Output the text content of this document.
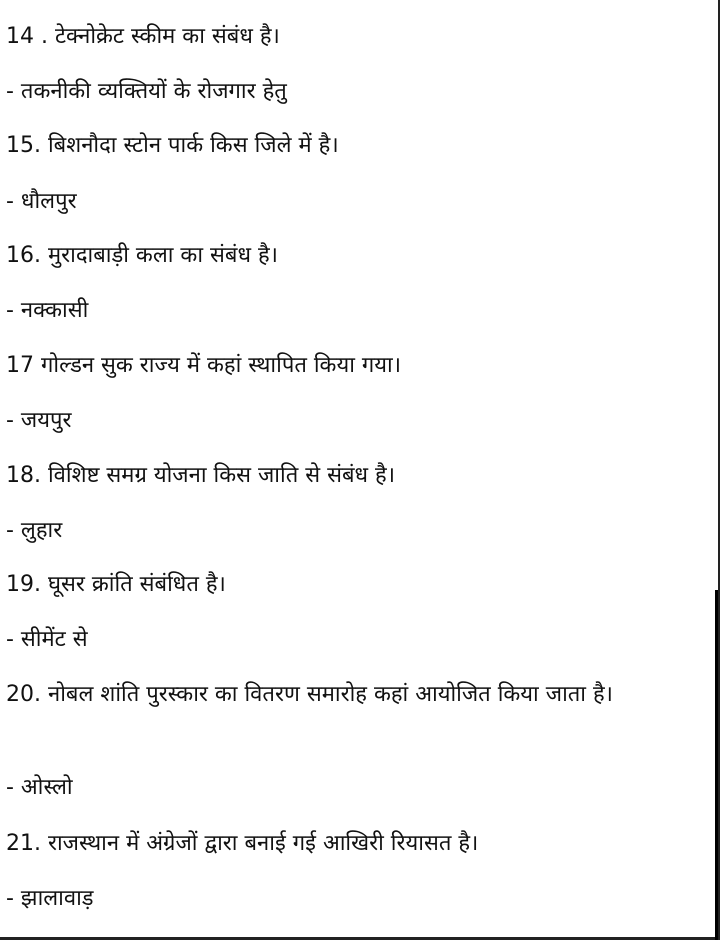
14 . टेक्नोक्रेट स्कीम का संबंध है।
- तकनीकी व्यक्तियों के रोजगार हेतु
15. बिशनौदा स्टोन पार्क किस जिले में है।
- धौलपुर
16. मुरादाबाड़ी कला का संबंध है।
- नक्कासी
17 गोल्डन सुक राज्य में कहां स्थापित किया गया।
- जयपुर
18. विशिष्ट समग्र योजना किस जाति से संबंध है।
- लुहार
19. घूसर क्रांति संबंधित है।
- सीमेंट से
20. नोबल शांति पुरस्कार का वितरण समारोह कहां आयोजित किया जाता है।
- ओस्लो
21. राजस्थान में अंग्रेजों द्वारा बनाई गई आखिरी रियासत है।
- झालावाड़
